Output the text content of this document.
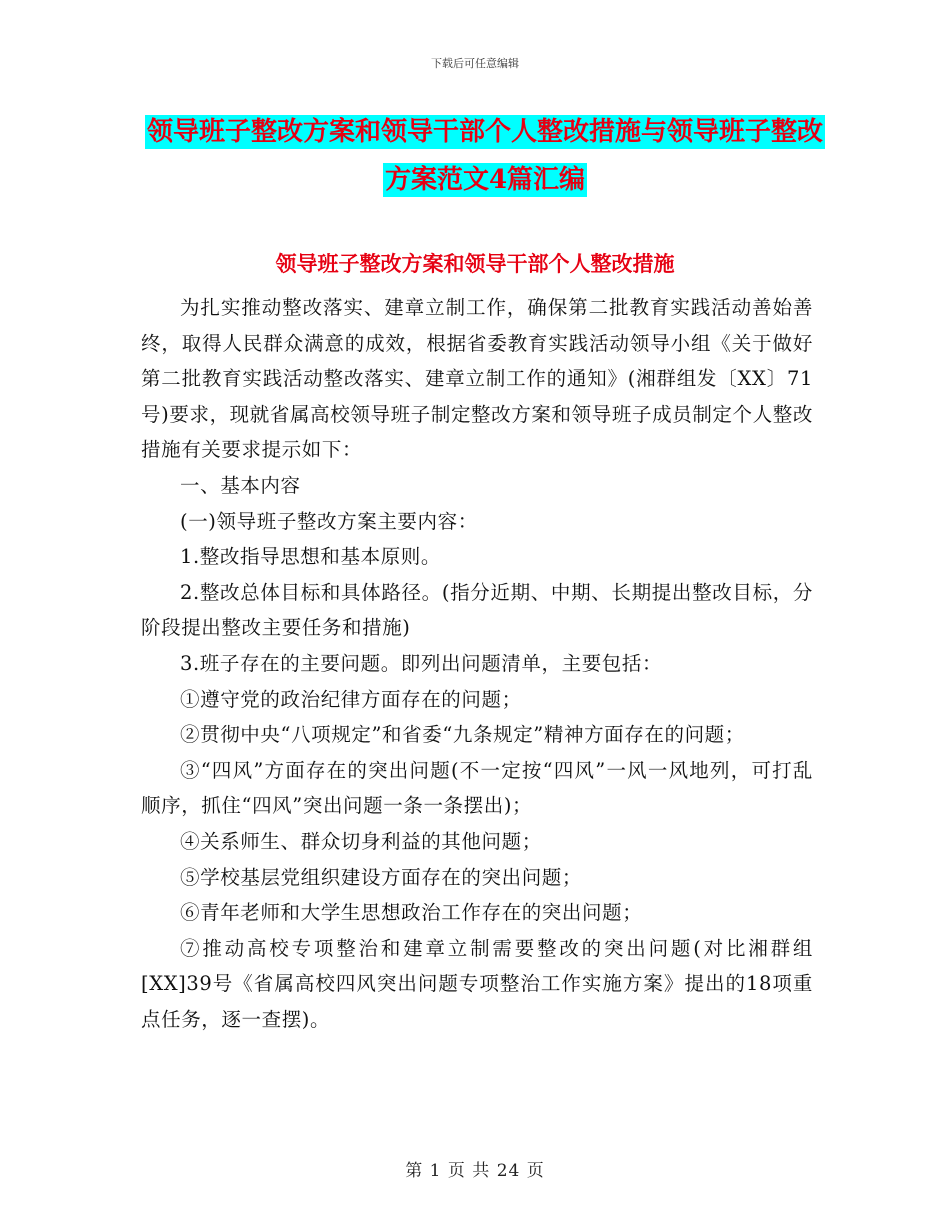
下载后可任意编辑
领导班子整改方案和领导干部个人整改措施与领导班子整改方案范文4篇汇编
领导班子整改方案和领导干部个人整改措施

为扎实推动整改落实、建章立制工作，确保第二批教育实践活动善始善终，取得人民群众满意的成效，根据省委教育实践活动领导小组《关于做好第二批教育实践活动整改落实、建章立制工作的通知》(湘群组发〔XX〕71号)要求，现就省属高校领导班子制定整改方案和领导班子成员制定个人整改措施有关要求提示如下：

一、基本内容

(一)领导班子整改方案主要内容：

1.整改指导思想和基本原则。

2.整改总体目标和具体路径。(指分近期、中期、长期提出整改目标，分阶段提出整改主要任务和措施)

3.班子存在的主要问题。即列出问题清单，主要包括：

①遵守党的政治纪律方面存在的问题；

②贯彻中央“八项规定”和省委“九条规定”精神方面存在的问题；

③“四风”方面存在的突出问题(不一定按“四风”一风一风地列，可打乱顺序，抓住“四风”突出问题一条一条摆出)；

④关系师生、群众切身利益的其他问题；

⑤学校基层党组织建设方面存在的突出问题；

⑥青年老师和大学生思想政治工作存在的突出问题；

⑦推动高校专项整治和建章立制需要整改的突出问题(对比湘群组[XX]39号《省属高校四风突出问题专项整治工作实施方案》提出的18项重点任务，逐一查摆)。

第 1 页 共 24 页
